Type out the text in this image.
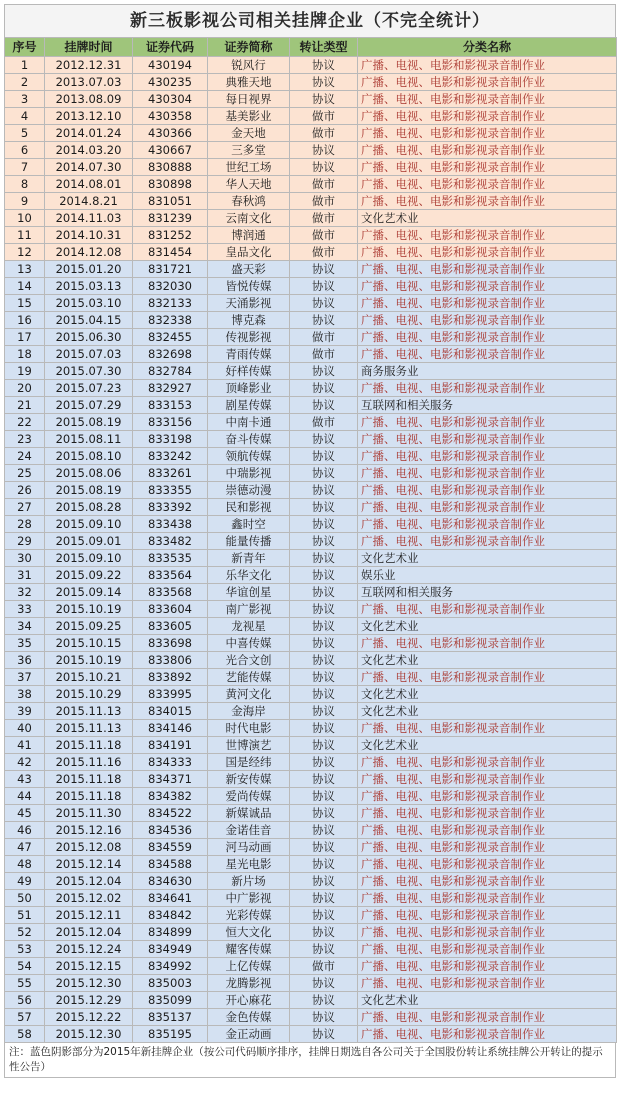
新三板影视公司相关挂牌企业（不完全统计）
序号	挂牌时间	证券代码	证券简称	转让类型	分类名称
1	2012.12.31	430194	锐风行	协议	广播、电视、电影和影视录音制作业
2	2013.07.03	430235	典雅天地	协议	广播、电视、电影和影视录音制作业
3	2013.08.09	430304	每日视界	协议	广播、电视、电影和影视录音制作业
4	2013.12.10	430358	基美影业	做市	广播、电视、电影和影视录音制作业
5	2014.01.24	430366	金天地	做市	广播、电视、电影和影视录音制作业
6	2014.03.20	430667	三多堂	协议	广播、电视、电影和影视录音制作业
7	2014.07.30	830888	世纪工场	协议	广播、电视、电影和影视录音制作业
8	2014.08.01	830898	华人天地	做市	广播、电视、电影和影视录音制作业
9	2014.8.21	831051	春秋鸿	做市	广播、电视、电影和影视录音制作业
10	2014.11.03	831239	云南文化	做市	文化艺术业
11	2014.10.31	831252	博润通	做市	广播、电视、电影和影视录音制作业
12	2014.12.08	831454	皇品文化	做市	广播、电视、电影和影视录音制作业
13	2015.01.20	831721	盛天彩	协议	广播、电视、电影和影视录音制作业
14	2015.03.13	832030	皆悦传媒	协议	广播、电视、电影和影视录音制作业
15	2015.03.10	832133	天涌影视	协议	广播、电视、电影和影视录音制作业
16	2015.04.15	832338	博克森	协议	广播、电视、电影和影视录音制作业
17	2015.06.30	832455	传视影视	做市	广播、电视、电影和影视录音制作业
18	2015.07.03	832698	青雨传媒	做市	广播、电视、电影和影视录音制作业
19	2015.07.30	832784	好样传媒	协议	商务服务业
20	2015.07.23	832927	顶峰影业	协议	广播、电视、电影和影视录音制作业
21	2015.07.29	833153	剧星传媒	协议	互联网和相关服务
22	2015.08.19	833156	中南卡通	做市	广播、电视、电影和影视录音制作业
23	2015.08.11	833198	奋斗传媒	协议	广播、电视、电影和影视录音制作业
24	2015.08.10	833242	领航传媒	协议	广播、电视、电影和影视录音制作业
25	2015.08.06	833261	中瑞影视	协议	广播、电视、电影和影视录音制作业
26	2015.08.19	833355	崇德动漫	协议	广播、电视、电影和影视录音制作业
27	2015.08.28	833392	民和影视	协议	广播、电视、电影和影视录音制作业
28	2015.09.10	833438	鑫时空	协议	广播、电视、电影和影视录音制作业
29	2015.09.01	833482	能量传播	协议	广播、电视、电影和影视录音制作业
30	2015.09.10	833535	新青年	协议	文化艺术业
31	2015.09.22	833564	乐华文化	协议	娱乐业
32	2015.09.14	833568	华谊创星	协议	互联网和相关服务
33	2015.10.19	833604	南广影视	协议	广播、电视、电影和影视录音制作业
34	2015.09.25	833605	龙视星	协议	文化艺术业
35	2015.10.15	833698	中喜传媒	协议	广播、电视、电影和影视录音制作业
36	2015.10.19	833806	光合文创	协议	文化艺术业
37	2015.10.21	833892	艺能传媒	协议	广播、电视、电影和影视录音制作业
38	2015.10.29	833995	黄河文化	协议	文化艺术业
39	2015.11.13	834015	金海岸	协议	文化艺术业
40	2015.11.13	834146	时代电影	协议	广播、电视、电影和影视录音制作业
41	2015.11.18	834191	世博演艺	协议	文化艺术业
42	2015.11.16	834333	国是经纬	协议	广播、电视、电影和影视录音制作业
43	2015.11.18	834371	新安传媒	协议	广播、电视、电影和影视录音制作业
44	2015.11.18	834382	爱尚传媒	协议	广播、电视、电影和影视录音制作业
45	2015.11.30	834522	新媒诚品	协议	广播、电视、电影和影视录音制作业
46	2015.12.16	834536	金诺佳音	协议	广播、电视、电影和影视录音制作业
47	2015.12.08	834559	河马动画	协议	广播、电视、电影和影视录音制作业
48	2015.12.14	834588	星光电影	协议	广播、电视、电影和影视录音制作业
49	2015.12.04	834630	新片场	协议	广播、电视、电影和影视录音制作业
50	2015.12.02	834641	中广影视	协议	广播、电视、电影和影视录音制作业
51	2015.12.11	834842	光彩传媒	协议	广播、电视、电影和影视录音制作业
52	2015.12.04	834899	恒大文化	协议	广播、电视、电影和影视录音制作业
53	2015.12.24	834949	耀客传媒	协议	广播、电视、电影和影视录音制作业
54	2015.12.15	834992	上亿传媒	做市	广播、电视、电影和影视录音制作业
55	2015.12.30	835003	龙腾影视	协议	广播、电视、电影和影视录音制作业
56	2015.12.29	835099	开心麻花	协议	文化艺术业
57	2015.12.22	835137	金色传媒	协议	广播、电视、电影和影视录音制作业
58	2015.12.30	835195	金正动画	协议	广播、电视、电影和影视录音制作业
注：蓝色阴影部分为2015年新挂牌企业（按公司代码顺序排序，挂牌日期选自各公司关于全国股份转让系统挂牌公开转让的提示性公告）
